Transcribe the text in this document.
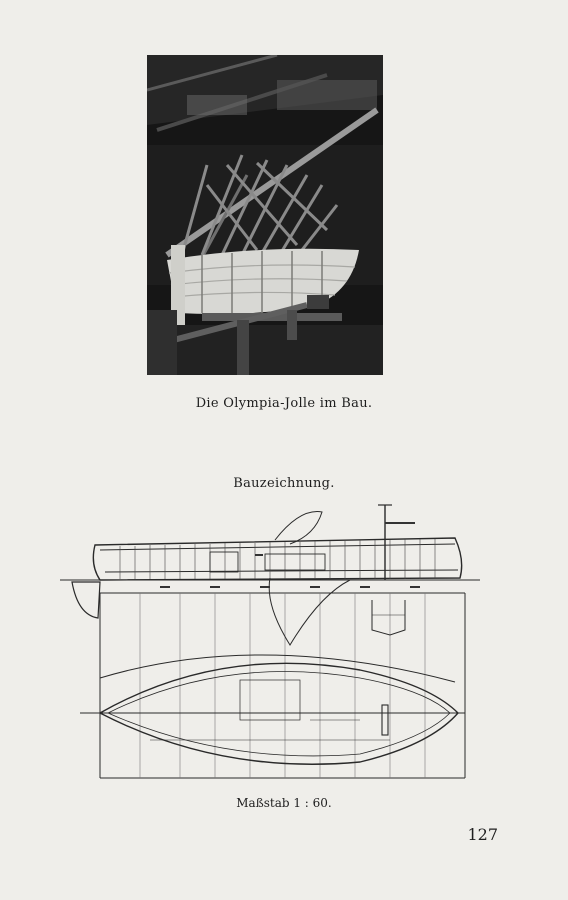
Die Olympia-Jolle im Bau.
Bauzeichnung.
Maßstab 1 : 60.
127
